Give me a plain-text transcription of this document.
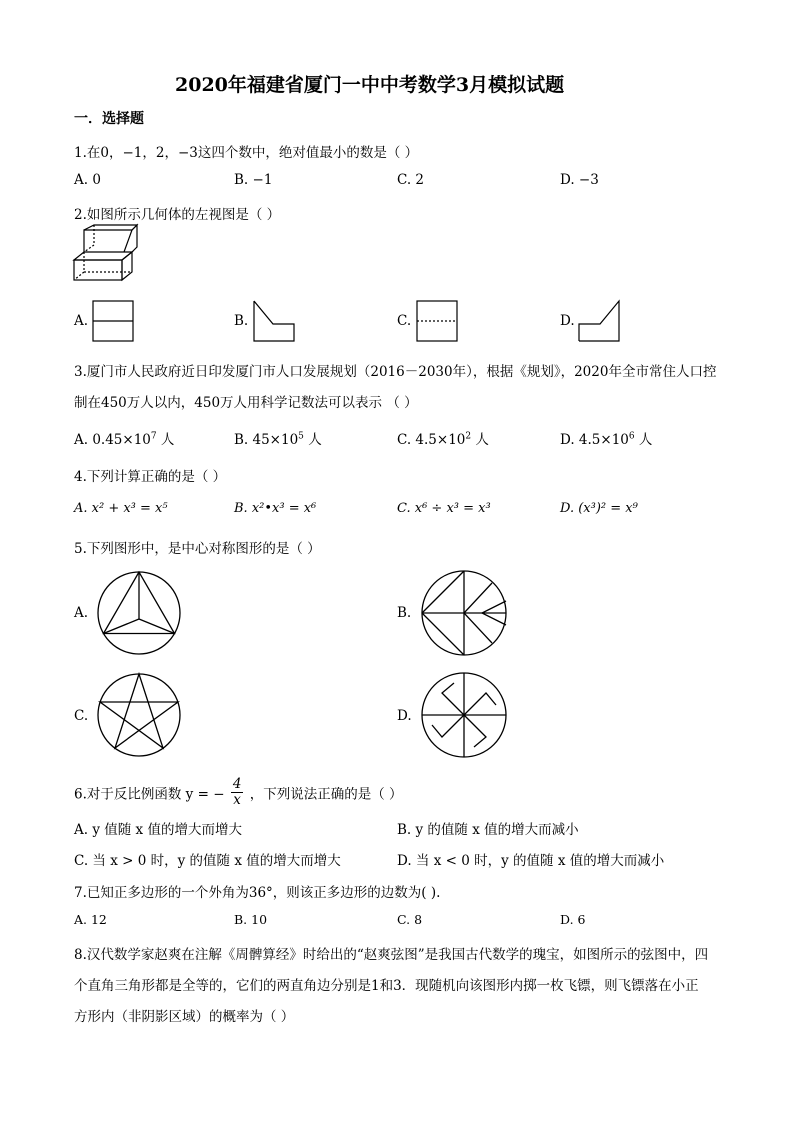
2020年福建省厦门一中中考数学3月模拟试题
一．选择题
1.在0，−1，2，−3这四个数中，绝对值最小的数是（ ）
A. 0	B. −1	C. 2	D. −3
2.如图所示几何体的左视图是（ ）
A.	B.	C.	D.
3.厦门市人民政府近日印发厦门市人口发展规划（2016－2030年），根据《规划》，2020年全市常住人口控
制在450万人以内，450万人用科学记数法可以表示 （ ）
A. $0.45\times 10^7$ 人	B. $45\times 10^5$ 人	C. $4.5\times 10^2$ 人	D. $4.5\times 10^6$ 人
4.下列计算正确的是（ ）
A. x² + x³ = x⁵	B. x²•x³ = x⁶	C. x⁶ ÷ x³ = x³	D. (x³)² = x⁹
5.下列图形中，是中心对称图形的是（ ）
A.	B.
C.	D.
6.对于反比例函数 y = − $\frac{4}{x}$ ，下列说法正确的是（ ）
A. y 值随 x 值的增大而增大	B. y 的值随 x 值的增大而减小
C. 当 x > 0 时，y 的值随 x 值的增大而增大	D. 当 x < 0 时，y 的值随 x 值的增大而减小
7.已知正多边形的一个外角为36°，则该正多边形的边数为( ).
A. 12	B. 10	C. 8	D. 6
8.汉代数学家赵爽在注解《周髀算经》时给出的“赵爽弦图”是我国古代数学的瑰宝，如图所示的弦图中，四
个直角三角形都是全等的，它们的两直角边分别是1和3．现随机向该图形内掷一枚飞镖，则飞镖落在小正
方形内（非阴影区域）的概率为（ ）
